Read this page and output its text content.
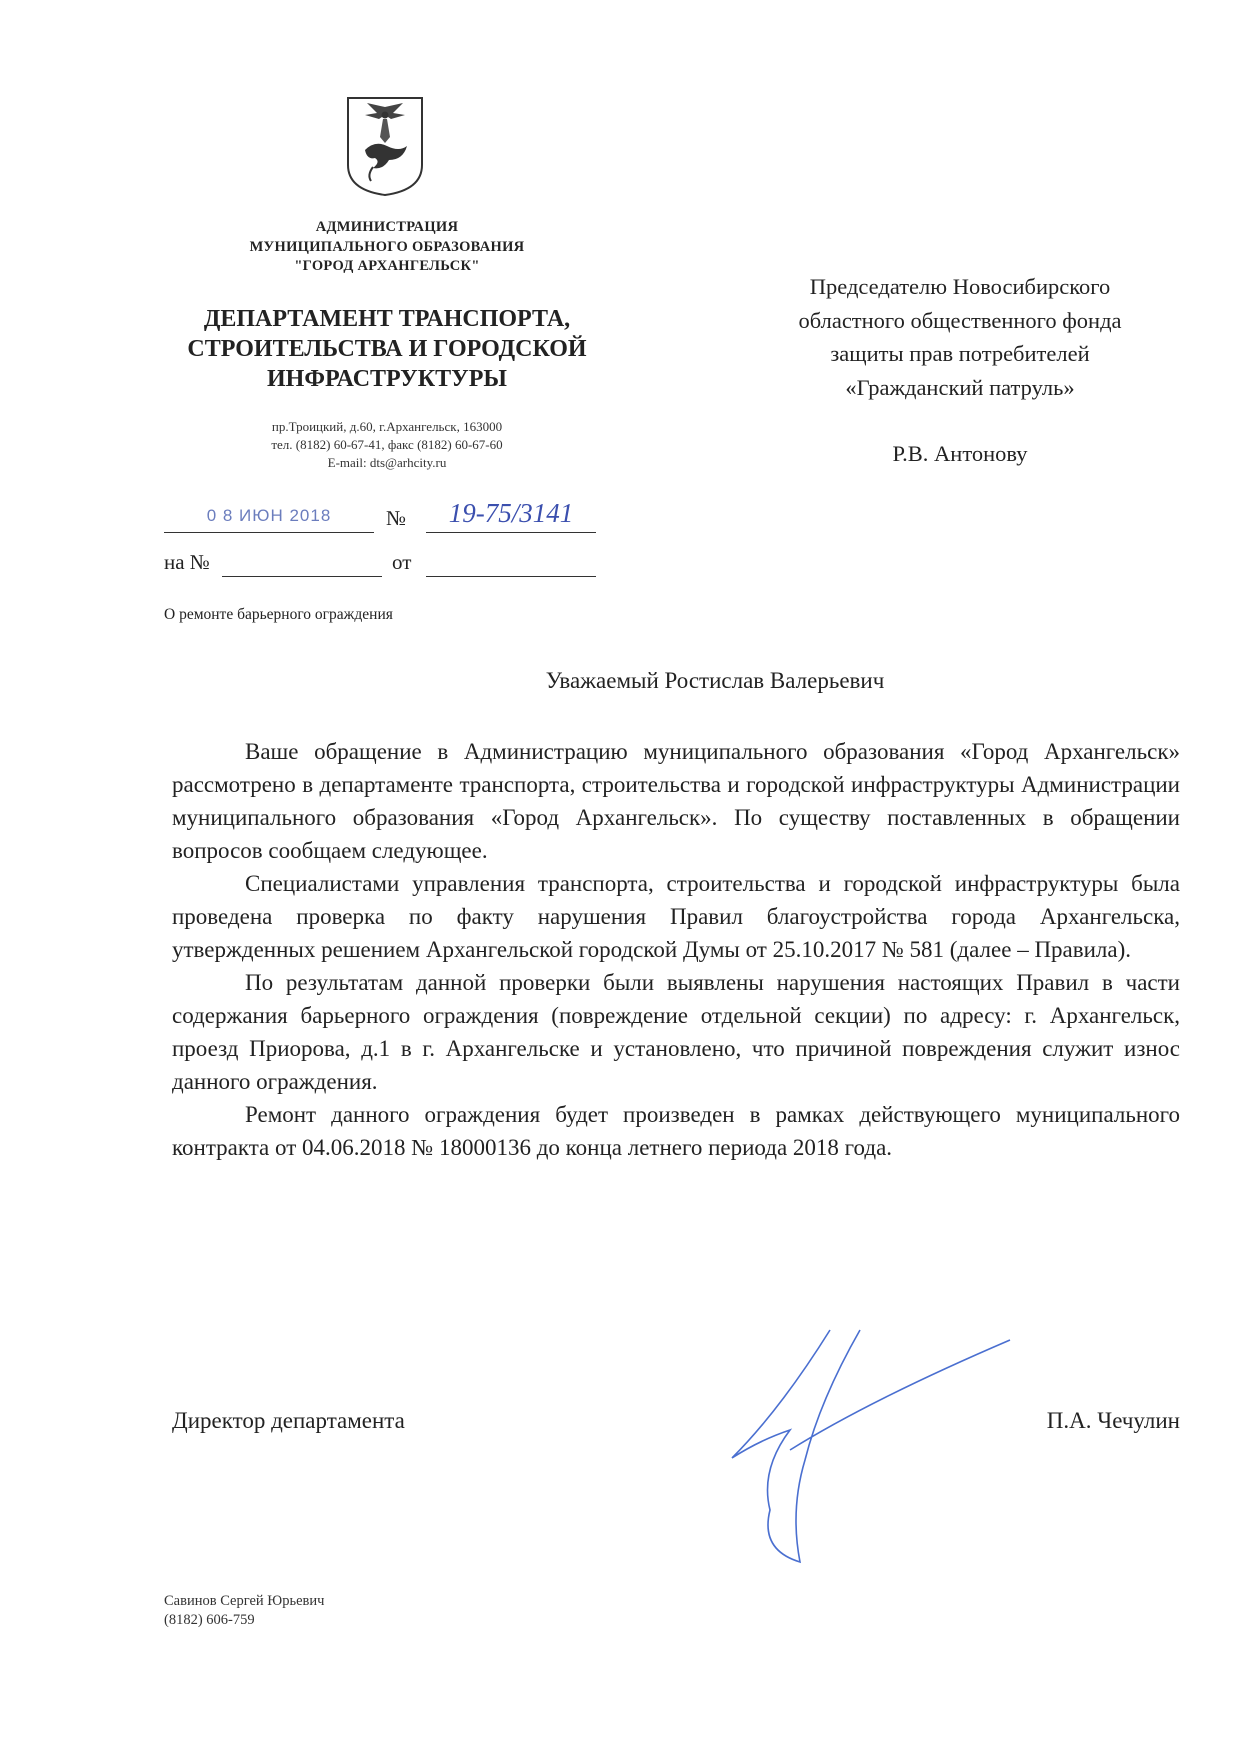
АДМИНИСТРАЦИЯ
МУНИЦИПАЛЬНОГО ОБРАЗОВАНИЯ
"ГОРОД АРХАНГЕЛЬСК"
ДЕПАРТАМЕНТ ТРАНСПОРТА,
СТРОИТЕЛЬСТВА И ГОРОДСКОЙ
ИНФРАСТРУКТУРЫ
пр.Троицкий, д.60, г.Архангельск, 163000
тел. (8182) 60-67-41, факс (8182) 60-67-60
E-mail: dts@arhcity.ru
0 8 ИЮН 2018	№	19-75/3141
на №	от
О ремонте барьерного ограждения
Председателю Новосибирского
областного общественного фонда
защиты прав потребителей
«Гражданский патруль»
Р.В. Антонову
Уважаемый Ростислав Валерьевич

Ваше обращение в Администрацию муниципального образования «Город Архангельск» рассмотрено в департаменте транспорта, строительства и городской инфраструктуры Администрации муниципального образования «Город Архангельск». По существу поставленных в обращении вопросов сообщаем следующее.

Специалистами управления транспорта, строительства и городской инфраструктуры была проведена проверка по факту нарушения Правил благоустройства города Архангельска, утвержденных решением Архангельской городской Думы от 25.10.2017 № 581 (далее – Правила).

По результатам данной проверки были выявлены нарушения настоящих Правил в части содержания барьерного ограждения (повреждение отдельной секции) по адресу: г. Архангельск, проезд Приорова, д.1 в г. Архангельске и установлено, что причиной повреждения служит износ данного ограждения.

Ремонт данного ограждения будет произведен в рамках действующего муниципального контракта от 04.06.2018 № 18000136 до конца летнего периода 2018 года.

Директор департамента	П.А. Чечулин
Савинов Сергей Юрьевич
(8182) 606-759
